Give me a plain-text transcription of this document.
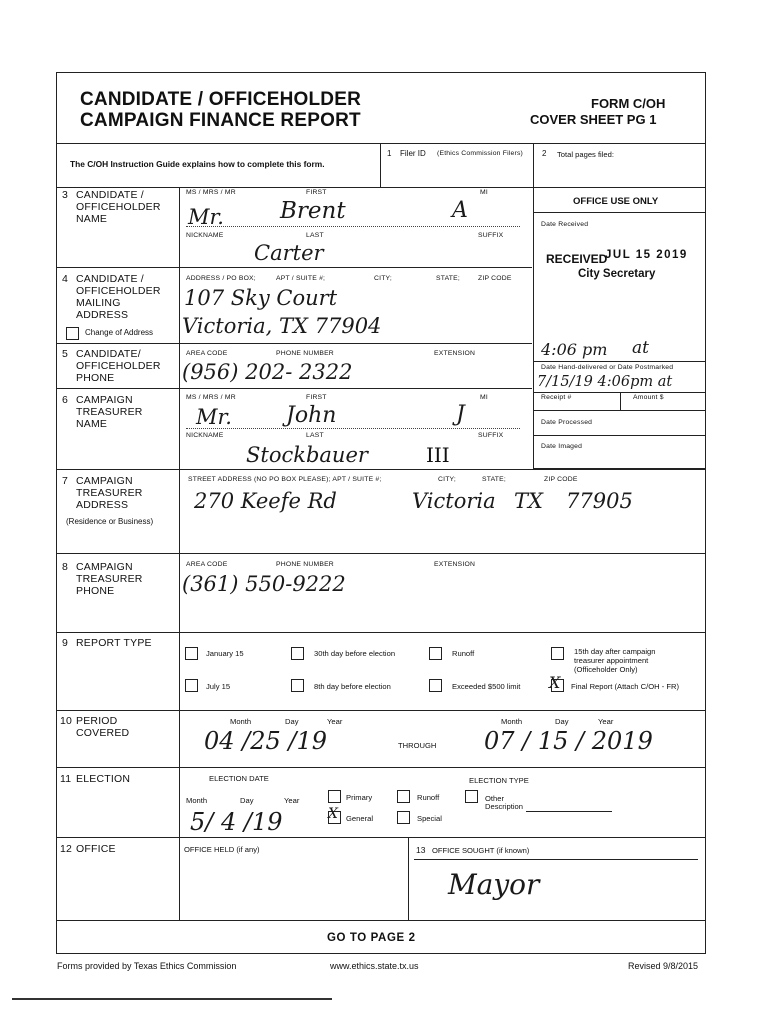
CANDIDATE / OFFICEHOLDER
CAMPAIGN FINANCE REPORT
FORM C/OH
COVER SHEET PG 1
The C/OH Instruction Guide explains how to complete this form.
1 Filer ID (Ethics Commission Filers) 2 Total pages filed:
OFFICE USE ONLY
Date Received
RECEIVED
JUL 15 2019
City Secretary
4:06 pm at
Date Hand-delivered or Date Postmarked
7/15/19 4:06pm at
Receipt #	Amount $
Date Processed
Date Imaged
3 CANDIDATE /
OFFICEHOLDER
NAME
MS / MRS / MR	FIRST	MI
Mr. Brent	A
NICKNAME	LAST	SUFFIX
Carter
4 CANDIDATE /
OFFICEHOLDER
MAILING
ADDRESS
Change of Address
ADDRESS / PO BOX;	APT / SUITE #;	CITY;	STATE;	ZIP CODE
107 Sky Court
Victoria, TX 77904
5 CANDIDATE/
OFFICEHOLDER
PHONE
AREA CODE	PHONE NUMBER	EXTENSION
(956) 202- 2322
6 CAMPAIGN
TREASURER
NAME
MS / MRS / MR	FIRST	MI
Mr. John	J
NICKNAME	LAST	SUFFIX
Stockbauer	III
7 CAMPAIGN
TREASURER
ADDRESS
(Residence or Business)
STREET ADDRESS (NO PO BOX PLEASE); APT / SUITE #;	CITY;	STATE;	ZIP CODE
270 Keefe Rd	Victoria TX 77905
8 CAMPAIGN
TREASURER
PHONE
AREA CODE	PHONE NUMBER	EXTENSION
(361) 550-9222
9 REPORT TYPE
January 15
July 15
30th day before election
8th day before election
Runoff
Exceeded $500 limit
15th day after campaign
treasurer appointment
(Officeholder Only)
X Final Report (Attach C/OH - FR)
10 PERIOD
COVERED
Month	Day	Year
04 /25 /19	THROUGH
Month	Day	Year
07 / 15 / 2019
11 ELECTION	ELECTION DATE	ELECTION TYPE
Month	Day	Year
5/ 4 /19
Primary	Runoff	Other
Description
X General	Special
12 OFFICE	OFFICE HELD (if any)	13 OFFICE SOUGHT (if known)
Mayor
GO TO PAGE 2
Forms provided by Texas Ethics Commission	www.ethics.state.tx.us	Revised 9/8/2015
